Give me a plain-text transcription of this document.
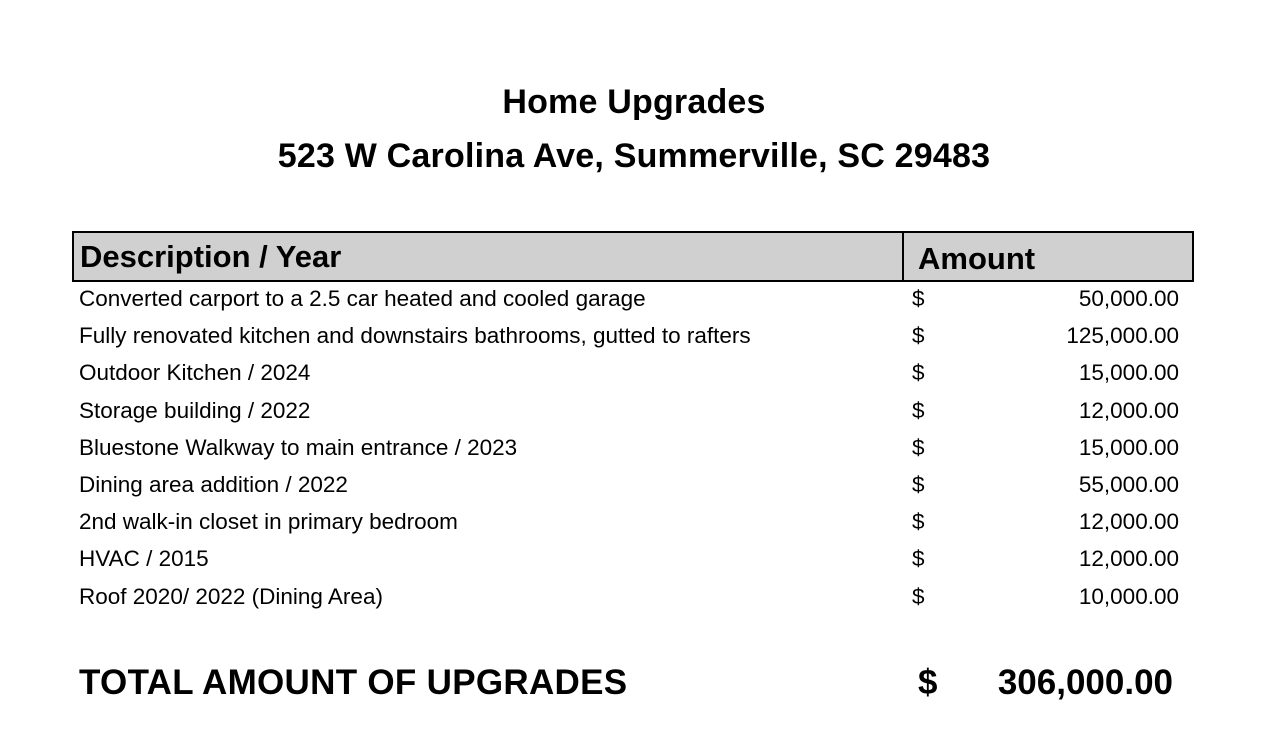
Home Upgrades
523 W Carolina Ave, Summerville, SC 29483
Description / Year	Amount
Converted carport to a 2.5 car heated and cooled garage	$	50,000.00
Fully renovated kitchen and downstairs bathrooms, gutted to rafters	$	125,000.00
Outdoor Kitchen / 2024	$	15,000.00
Storage building / 2022	$	12,000.00
Bluestone Walkway to main entrance / 2023	$	15,000.00
Dining area addition / 2022	$	55,000.00
2nd walk-in closet in primary bedroom	$	12,000.00
HVAC / 2015	$	12,000.00
Roof 2020/ 2022 (Dining Area)	$	10,000.00
TOTAL AMOUNT OF UPGRADES	$ 306,000.00
